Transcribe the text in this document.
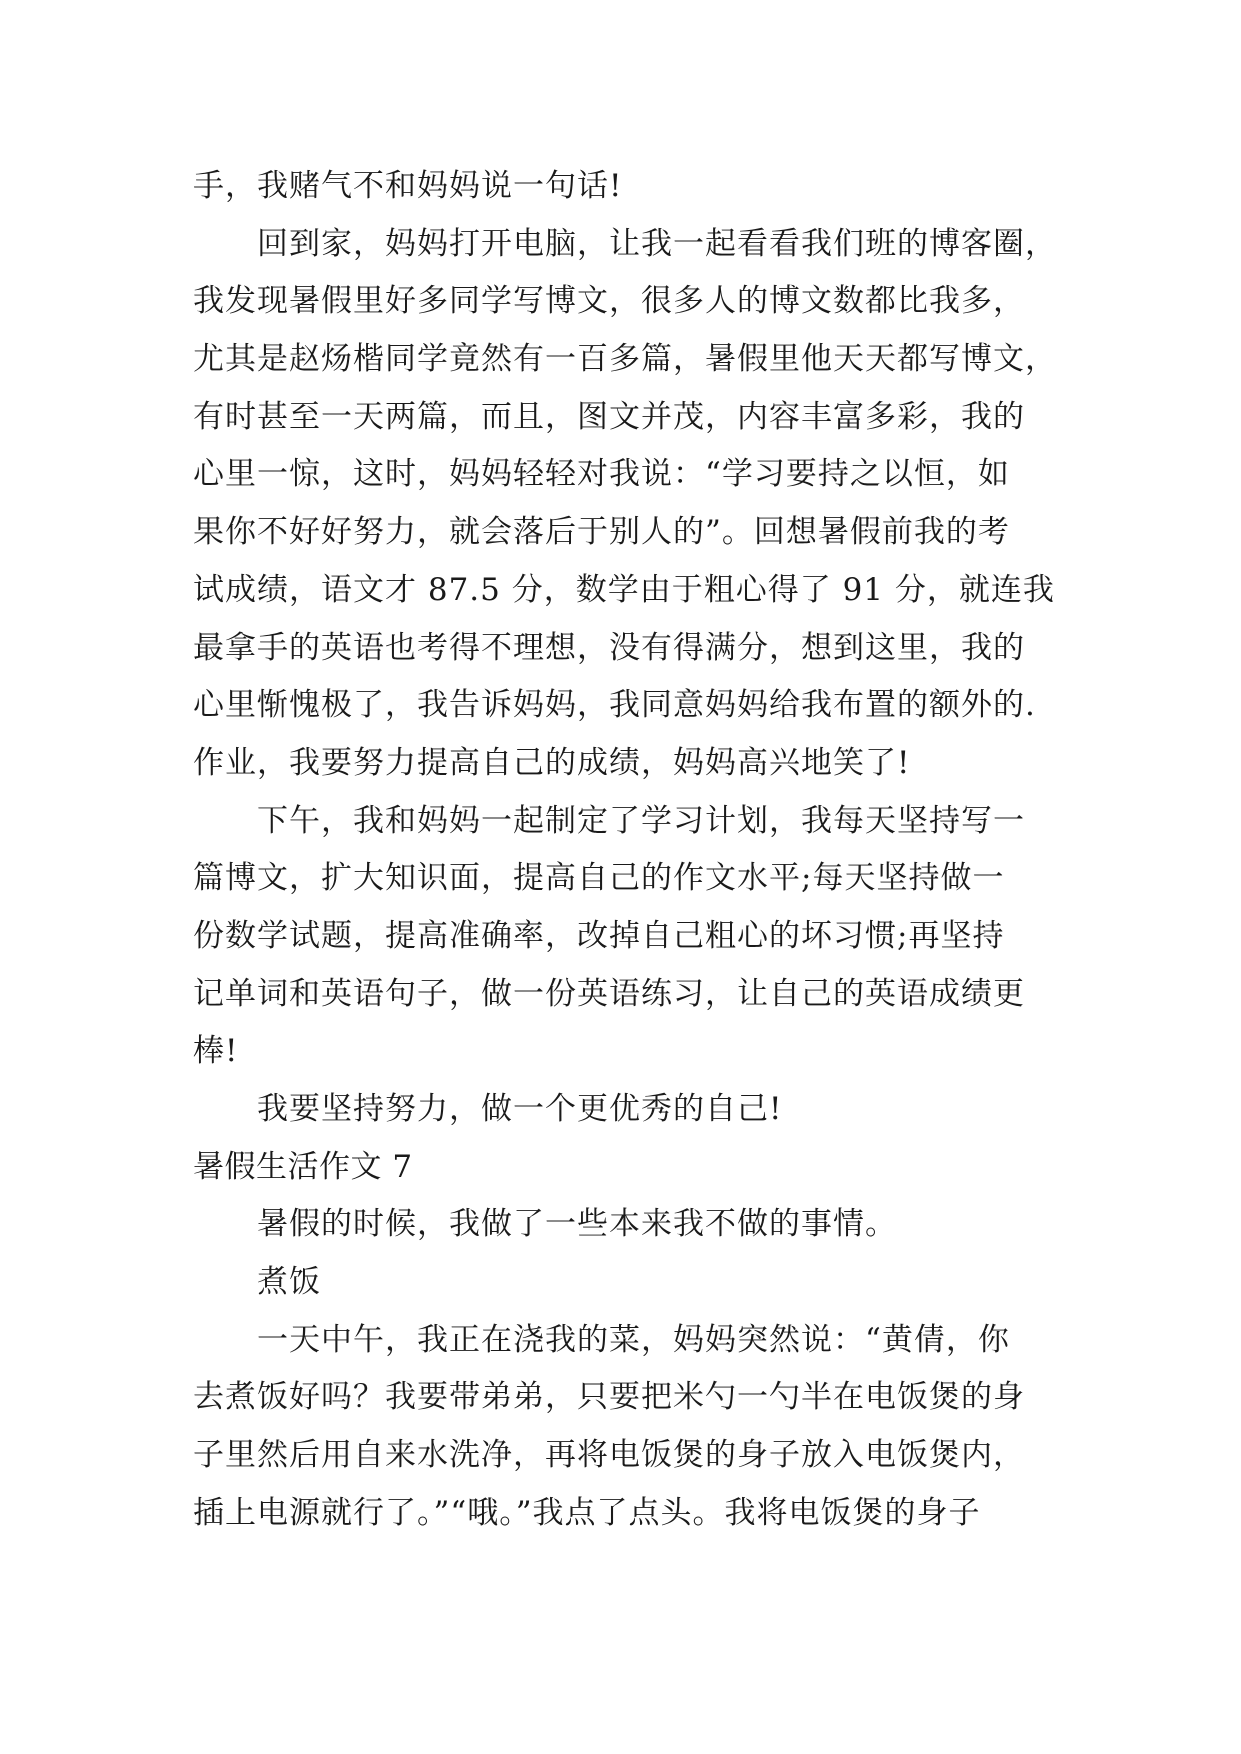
手，我赌气不和妈妈说一句话!
回到家，妈妈打开电脑，让我一起看看我们班的博客圈，
我发现暑假里好多同学写博文，很多人的博文数都比我多，
尤其是赵炀楷同学竟然有一百多篇，暑假里他天天都写博文，
有时甚至一天两篇，而且，图文并茂，内容丰富多彩，我的
心里一惊，这时，妈妈轻轻对我说：“学习要持之以恒，如
果你不好好努力，就会落后于别人的”。回想暑假前我的考
试成绩，语文才 87.5 分，数学由于粗心得了 91 分，就连我
最拿手的英语也考得不理想，没有得满分，想到这里，我的
心里惭愧极了，我告诉妈妈，我同意妈妈给我布置的额外的.
作业，我要努力提高自己的成绩，妈妈高兴地笑了!
下午，我和妈妈一起制定了学习计划，我每天坚持写一
篇博文，扩大知识面，提高自己的作文水平;每天坚持做一
份数学试题，提高准确率，改掉自己粗心的坏习惯;再坚持
记单词和英语句子，做一份英语练习，让自己的英语成绩更
棒!
我要坚持努力，做一个更优秀的自己!
暑假生活作文 7
暑假的时候，我做了一些本来我不做的事情。
煮饭
一天中午，我正在浇我的菜，妈妈突然说：“黄倩，你
去煮饭好吗？我要带弟弟，只要把米勺一勺半在电饭煲的身
子里然后用自来水洗净，再将电饭煲的身子放入电饭煲内，
插上电源就行了。”“哦。”我点了点头。我将电饭煲的身子
